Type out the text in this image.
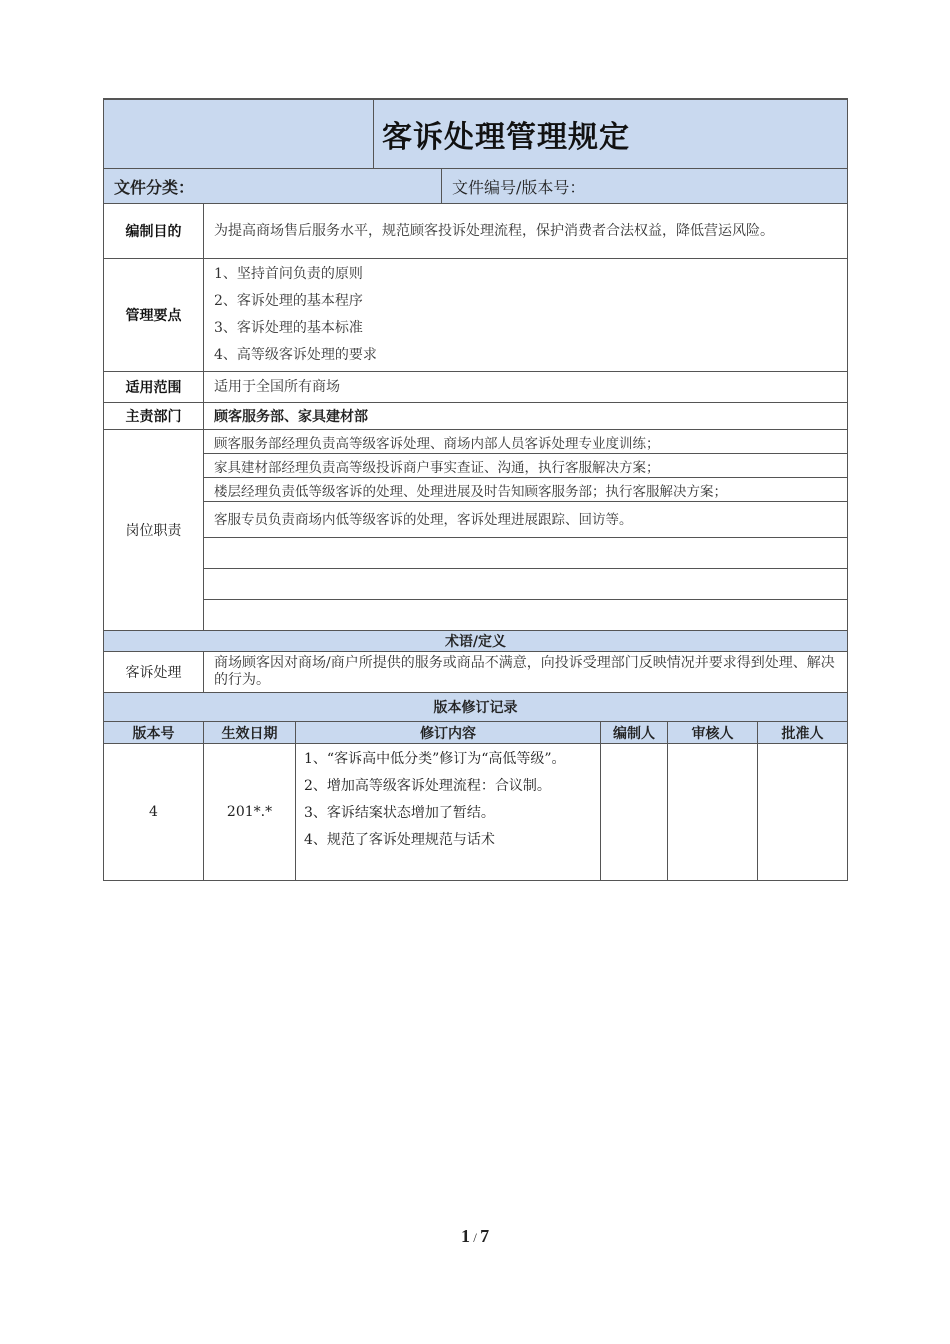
	客诉处理管理规定	
文件分类：		文件编号/版本号：
编制目的	为提高商场售后服务水平，规范顾客投诉处理流程，保护消费者合法权益，降低营运风险。
管理要点	1、坚持首问负责的原则
2、客诉处理的基本程序
3、客诉处理的基本标准
4、高等级客诉处理的要求

适用范围	适用于全国所有商场
主责部门	顾客服务部、家具建材部
岗位职责	顾客服务部经理负责高等级客诉处理、商场内部人员客诉处理专业度训练；
家具建材部经理负责高等级投诉商户事实查证、沟通，执行客服解决方案；
楼层经理负责低等级客诉的处理、处理进展及时告知顾客服务部；执行客服解决方案；
客服专员负责商场内低等级客诉的处理，客诉处理进展跟踪、回访等。

术语/定义
客诉处理	商场顾客因对商场/商户所提供的服务或商品不满意，向投诉受理部门反映情况并要求得到处理、解决的行为。
版本修订记录
版本号	生效日期	修订内容	编制人	审核人	批准人
4	201*.*	1、“客诉高中低分类”修订为“高低等级”。
2、增加高等级客诉处理流程：合议制。
3、客诉结案状态增加了暂结。
4、规范了客诉处理规范与话术			

1 / 7
